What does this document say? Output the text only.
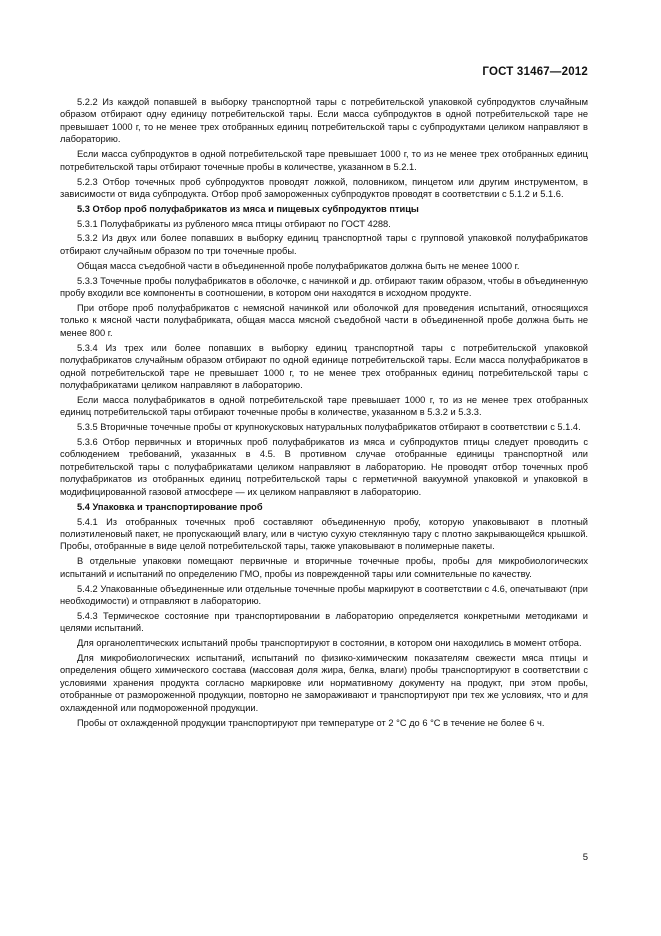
ГОСТ 31467—2012

5.2.2 Из каждой попавшей в выборку транспортной тары с потребительской упаковкой субпродуктов случайным образом отбирают одну единицу потребительской тары. Если масса субпродуктов в одной потребительской таре не превышает 1000 г, то не менее трех отобранных единиц потребительской тары с субпродуктами целиком направляют в лабораторию.

Если масса субпродуктов в одной потребительской таре превышает 1000 г, то из не менее трех отобранных единиц потребительской тары отбирают точечные пробы в количестве, указанном в 5.2.1.

5.2.3 Отбор точечных проб субпродуктов проводят ложкой, половником, пинцетом или другим инструментом, в зависимости от вида субпродукта. Отбор проб замороженных субпродуктов проводят в соответствии с 5.1.2 и 5.1.6.

5.3 Отбор проб полуфабрикатов из мяса и пищевых субпродуктов птицы

5.3.1 Полуфабрикаты из рубленого мяса птицы отбирают по ГОСТ 4288.

5.3.2 Из двух или более попавших в выборку единиц транспортной тары с групповой упаковкой полуфабрикатов отбирают случайным образом по три точечные пробы.

Общая масса съедобной части в объединенной пробе полуфабрикатов должна быть не менее 1000 г.

5.3.3 Точечные пробы полуфабрикатов в оболочке, с начинкой и др. отбирают таким образом, чтобы в объединенную пробу входили все компоненты в соотношении, в котором они находятся в исходном продукте.

При отборе проб полуфабрикатов с немясной начинкой или оболочкой для проведения испытаний, относящихся только к мясной части полуфабриката, общая масса мясной съедобной части в объединенной пробе должна быть не менее 800 г.

5.3.4 Из трех или более попавших в выборку единиц транспортной тары с потребительской упаковкой полуфабрикатов случайным образом отбирают по одной единице потребительской тары. Если масса полуфабрикатов в одной потребительской таре не превышает 1000 г, то не менее трех отобранных единиц потребительской тары с полуфабрикатами целиком направляют в лабораторию.

Если масса полуфабрикатов в одной потребительской таре превышает 1000 г, то из не менее трех отобранных единиц потребительской тары отбирают точечные пробы в количестве, указанном в 5.3.2 и 5.3.3.

5.3.5 Вторичные точечные пробы от крупнокусковых натуральных полуфабрикатов отбирают в соответствии с 5.1.4.

5.3.6 Отбор первичных и вторичных проб полуфабрикатов из мяса и субпродуктов птицы следует проводить с соблюдением требований, указанных в 4.5. В противном случае отобранные единицы транспортной или потребительской тары с полуфабрикатами целиком направляют в лабораторию. Не проводят отбор точечных проб полуфабрикатов из отобранных единиц потребительской тары с герметичной вакуумной упаковкой и упаковкой в модифицированной газовой атмосфере — их целиком направляют в лабораторию.

5.4 Упаковка и транспортирование проб

5.4.1 Из отобранных точечных проб составляют объединенную пробу, которую упаковывают в плотный полиэтиленовый пакет, не пропускающий влагу, или в чистую сухую стеклянную тару с плотно закрывающейся крышкой. Пробы, отобранные в виде целой потребительской тары, также упаковывают в полимерные пакеты.

В отдельные упаковки помещают первичные и вторичные точечные пробы, пробы для микробиологических испытаний и испытаний по определению ГМО, пробы из поврежденной тары или сомнительные по качеству.

5.4.2 Упакованные объединенные или отдельные точечные пробы маркируют в соответствии с 4.6, опечатывают (при необходимости) и отправляют в лабораторию.

5.4.3 Термическое состояние при транспортировании в лабораторию определяется конкретными методиками и целями испытаний.

Для органолептических испытаний пробы транспортируют в состоянии, в котором они находились в момент отбора.

Для микробиологических испытаний, испытаний по физико-химическим показателям свежести мяса птицы и определения общего химического состава (массовая доля жира, белка, влаги) пробы транспортируют в соответствии с условиями хранения продукта согласно маркировке или нормативному документу на продукт, при этом пробы, отобранные от размороженной продукции, повторно не замораживают и транспортируют при тех же условиях, что и для охлажденной или подмороженной продукции.

Пробы от охлажденной продукции транспортируют при температуре от 2 °С до 6 °С в течение не более 6 ч.

5
